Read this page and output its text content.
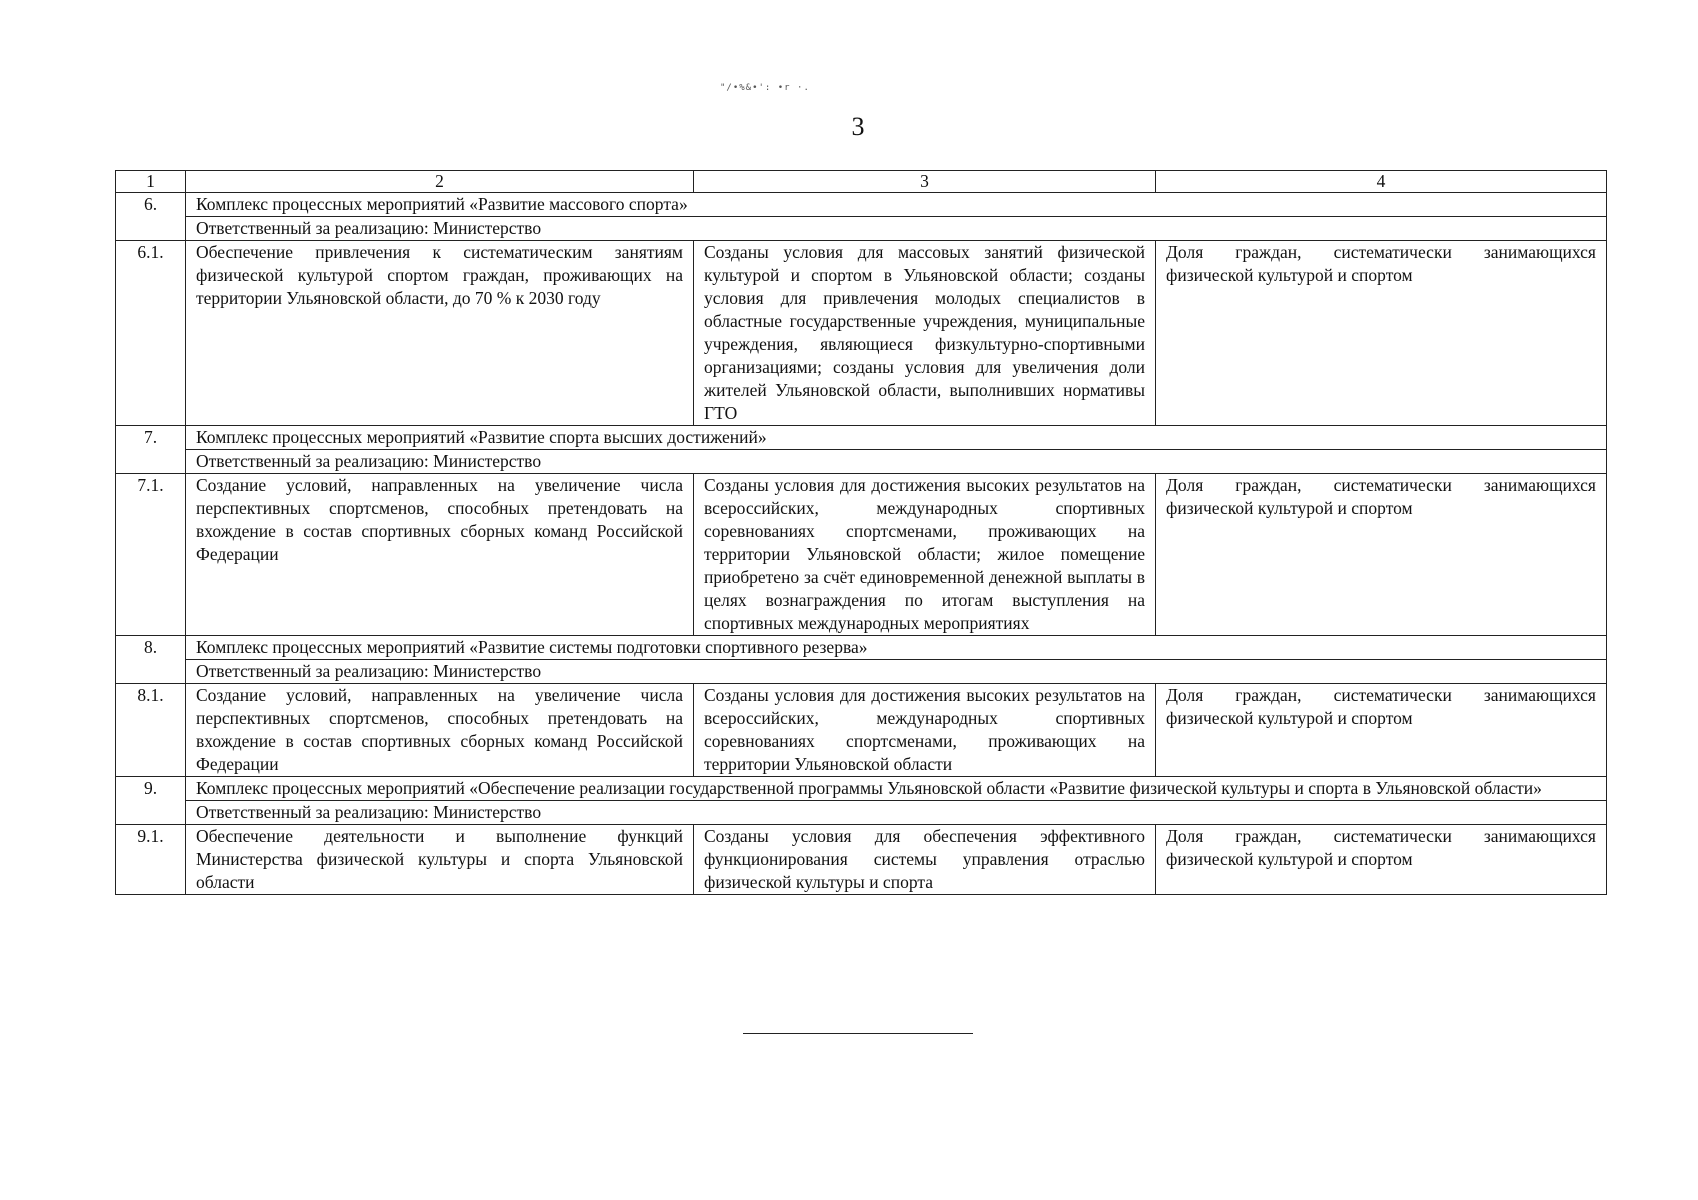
"/•%&•': •r ·.
3
1	2	3	4
6.	Комплекс процессных мероприятий «Развитие массового спорта»		
	Ответственный за реализацию: Министерство		
6.1.	Обеспечение привлечения к систематическим занятиям физической культурой спортом граждан, проживающих на территории Ульяновской области, до 70 % к 2030 году	Созданы условия для массовых занятий физической культурой и спортом в Ульяновской области; созданы условия для привлечения молодых специалистов в областные государственные учреждения, муниципальные учреждения, являющиеся физкультурно-спортивными организациями; созданы условия для увеличения доли жителей Ульяновской области, выполнивших нормативы ГТО	Доля граждан, систематически занимающихся физической культурой и спортом
7.	Комплекс процессных мероприятий «Развитие спорта высших достижений»		
	Ответственный за реализацию: Министерство		
7.1.	Создание условий, направленных на увеличение числа перспективных спортсменов, способных претендовать на вхождение в состав спортивных сборных команд Российской Федерации	Созданы условия для достижения высоких результатов на всероссийских, международных спортивных соревнованиях спортсменами, проживающих на территории Ульяновской области; жилое помещение приобретено за счёт единовременной денежной выплаты в целях вознаграждения по итогам выступления на спортивных международных мероприятиях	Доля граждан, систематически занимающихся физической культурой и спортом
8.	Комплекс процессных мероприятий «Развитие системы подготовки спортивного резерва»		
	Ответственный за реализацию: Министерство		
8.1.	Создание условий, направленных на увеличение числа перспективных спортсменов, способных претендовать на вхождение в состав спортивных сборных команд Российской Федерации	Созданы условия для достижения высоких результатов на всероссийских, международных спортивных соревнованиях спортсменами, проживающих на территории Ульяновской области	Доля граждан, систематически занимающихся физической культурой и спортом
9.	Комплекс процессных мероприятий «Обеспечение реализации государственной программы Ульяновской области «Развитие физической культуры и спорта в Ульяновской области»		
	Ответственный за реализацию: Министерство		
9.1.	Обеспечение деятельности и выполнение функций Министерства физической культуры и спорта Ульяновской области	Созданы условия для обеспечения эффективного функционирования системы управления отраслью физической культуры и спорта	Доля граждан, систематически занимающихся физической культурой и спортом
